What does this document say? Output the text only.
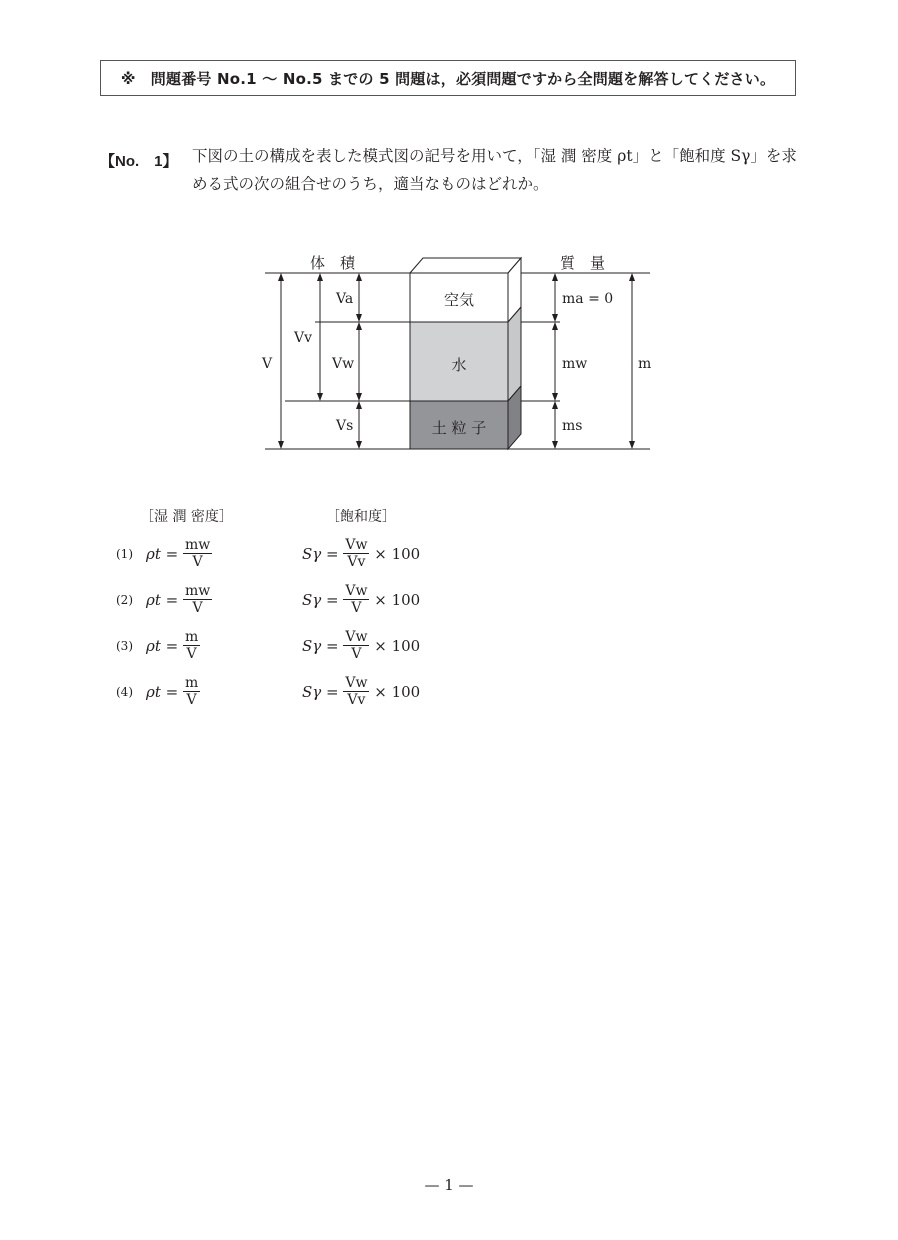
※　問題番号 No.1 ～ No.5 までの 5 問題は，必須問題ですから全問題を解答してください。
【No.　1】 下図の土の構成を表した模式図の記号を用いて，「湿 潤 密度 ρt」と「飽和度 Sγ」を求
める式の次の組合せのうち，適当なものはどれか。
体　積	質　量
空気
水
土 粒 子
V
Vv
Va
Vw
Vs
ma = 0
mw
ms
m
［湿 潤 密度］	［飽和度］
(1) $\rho t = \frac{mw}{V}$	$S\gamma = \frac{Vw}{Vv}$
× 100
(2) $\rho t = \frac{mw}{V}$	$S\gamma = \frac{Vw}{V}$
× 100
(3) $\rho t = \frac{m}{V}$	$S\gamma = \frac{Vw}{V}$
× 100
(4) $\rho t = \frac{m}{V}$	$S\gamma = \frac{Vw}{Vv}$
× 100
— 1 —
